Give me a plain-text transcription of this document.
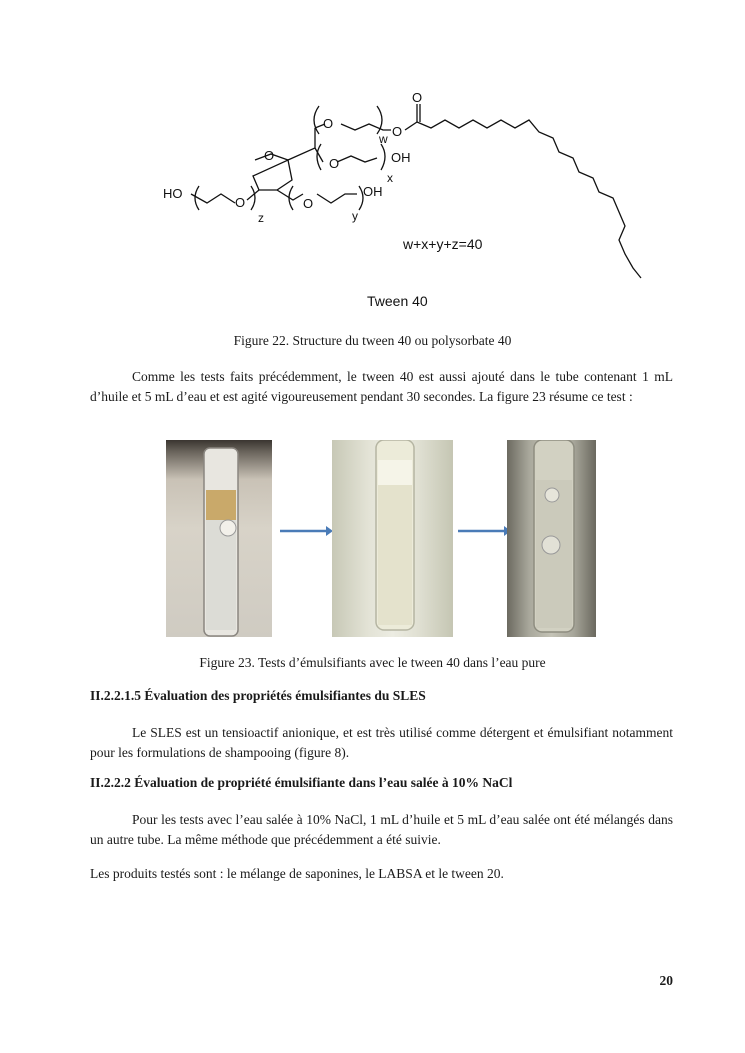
O
O
O	O
O
O
O
HO
OH
OH
w
x
y
z
w+x+y+z=40
Tween 40
Figure 22. Structure du tween 40 ou polysorbate 40
Comme les tests faits précédemment, le tween 40 est aussi ajouté dans le tube contenant 1 mL d’huile et 5 mL d’eau et est agité vigoureusement pendant 30 secondes. La figure 23 résume ce test :
Figure 23. Tests d’émulsifiants avec le tween 40 dans l’eau pure
II.2.2.1.5 Évaluation des propriétés émulsifiantes du SLES
Le SLES est un tensioactif anionique, et est très utilisé comme détergent et émulsifiant notamment pour les formulations de shampooing (figure 8).
II.2.2.2 Évaluation de propriété émulsifiante dans l’eau salée à 10% NaCl
Pour les tests avec l’eau salée à 10% NaCl, 1 mL d’huile et 5 mL d’eau salée ont été mélangés dans un autre tube. La même méthode que précédemment a été suivie.
Les produits testés sont : le mélange de saponines, le LABSA et le tween 20.
20
